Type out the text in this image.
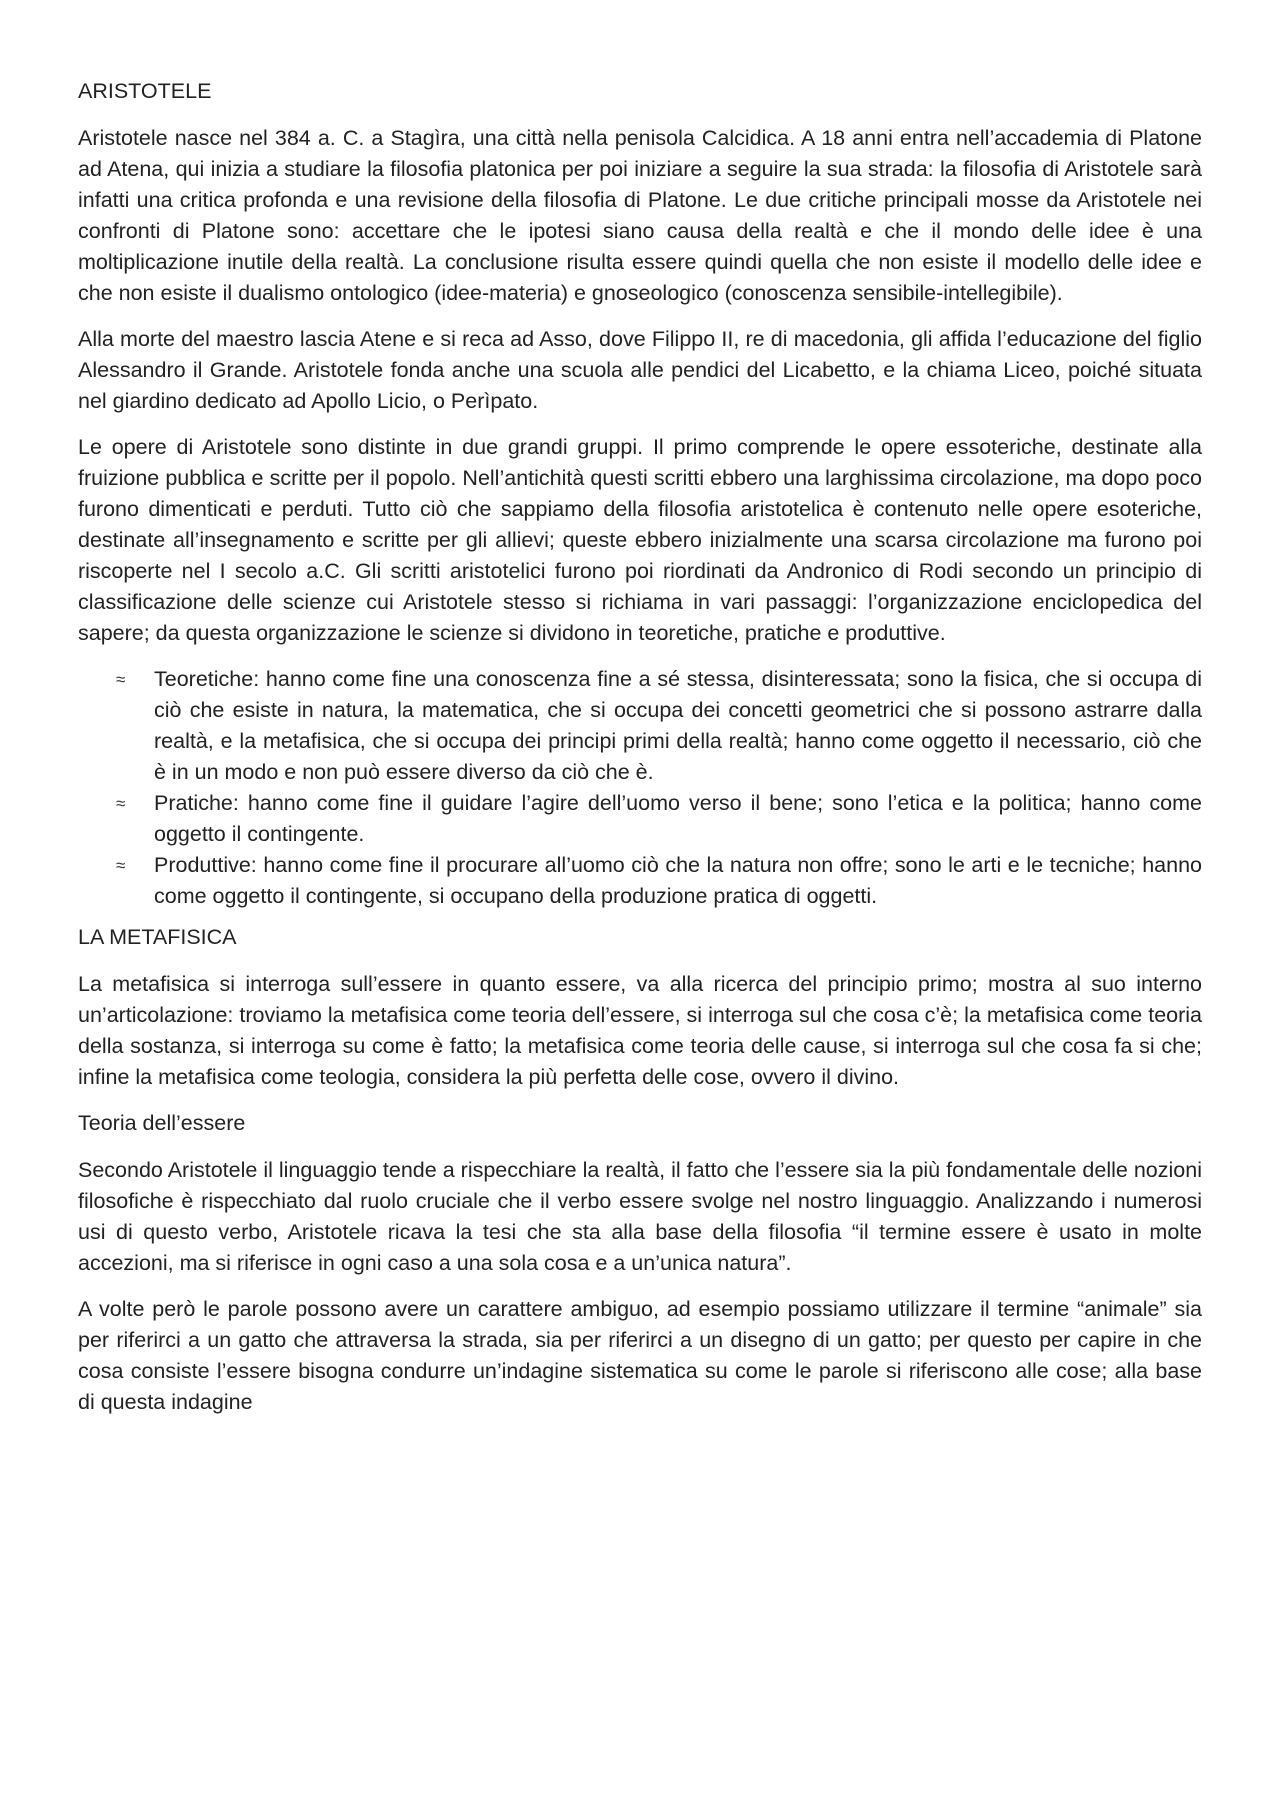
ARISTOTELE

Aristotele nasce nel 384 a. C. a Stagìra, una città nella penisola Calcidica. A 18 anni entra nell’accademia di Platone ad Atena, qui inizia a studiare la filosofia platonica per poi iniziare a seguire la sua strada: la filosofia di Aristotele sarà infatti una critica profonda e una revisione della filosofia di Platone. Le due critiche principali mosse da Aristotele nei confronti di Platone sono: accettare che le ipotesi siano causa della realtà e che il mondo delle idee è una moltiplicazione inutile della realtà. La conclusione risulta essere quindi quella che non esiste il modello delle idee e che non esiste il dualismo ontologico (idee-materia) e gnoseologico (conoscenza sensibile-intellegibile).

Alla morte del maestro lascia Atene e si reca ad Asso, dove Filippo II, re di macedonia, gli affida l’educazione del figlio Alessandro il Grande. Aristotele fonda anche una scuola alle pendici del Licabetto, e la chiama Liceo, poiché situata nel giardino dedicato ad Apollo Licio, o Perìpato.

Le opere di Aristotele sono distinte in due grandi gruppi. Il primo comprende le opere essoteriche, destinate alla fruizione pubblica e scritte per il popolo. Nell’antichità questi scritti ebbero una larghissima circolazione, ma dopo poco furono dimenticati e perduti. Tutto ciò che sappiamo della filosofia aristotelica è contenuto nelle opere esoteriche, destinate all’insegnamento e scritte per gli allievi; queste ebbero inizialmente una scarsa circolazione ma furono poi riscoperte nel I secolo a.C. Gli scritti aristotelici furono poi riordinati da Andronico di Rodi secondo un principio di classificazione delle scienze cui Aristotele stesso si richiama in vari passaggi: l’organizzazione enciclopedica del sapere; da questa organizzazione le scienze si dividono in teoretiche, pratiche e produttive.

≈ Teoretiche: hanno come fine una conoscenza fine a sé stessa, disinteressata; sono la fisica, che si occupa di ciò che esiste in natura, la matematica, che si occupa dei concetti geometrici che si possono astrarre dalla realtà, e la metafisica, che si occupa dei principi primi della realtà; hanno come oggetto il necessario, ciò che è in un modo e non può essere diverso da ciò che è.
≈ Pratiche: hanno come fine il guidare l’agire dell’uomo verso il bene; sono l’etica e la politica; hanno come oggetto il contingente.
≈ Produttive: hanno come fine il procurare all’uomo ciò che la natura non offre; sono le arti e le tecniche; hanno come oggetto il contingente, si occupano della produzione pratica di oggetti.
LA METAFISICA

La metafisica si interroga sull’essere in quanto essere, va alla ricerca del principio primo; mostra al suo interno un’articolazione: troviamo la metafisica come teoria dell’essere, si interroga sul che cosa c’è; la metafisica come teoria della sostanza, si interroga su come è fatto; la metafisica come teoria delle cause, si interroga sul che cosa fa si che; infine la metafisica come teologia, considera la più perfetta delle cose, ovvero il divino.

Teoria dell’essere

Secondo Aristotele il linguaggio tende a rispecchiare la realtà, il fatto che l’essere sia la più fondamentale delle nozioni filosofiche è rispecchiato dal ruolo cruciale che il verbo essere svolge nel nostro linguaggio. Analizzando i numerosi usi di questo verbo, Aristotele ricava la tesi che sta alla base della filosofia “il termine essere è usato in molte accezioni, ma si riferisce in ogni caso a una sola cosa e a un’unica natura”.

A volte però le parole possono avere un carattere ambiguo, ad esempio possiamo utilizzare il termine “animale” sia per riferirci a un gatto che attraversa la strada, sia per riferirci a un disegno di un gatto; per questo per capire in che cosa consiste l’essere bisogna condurre un’indagine sistematica su come le parole si riferiscono alle cose; alla base di questa indagine
